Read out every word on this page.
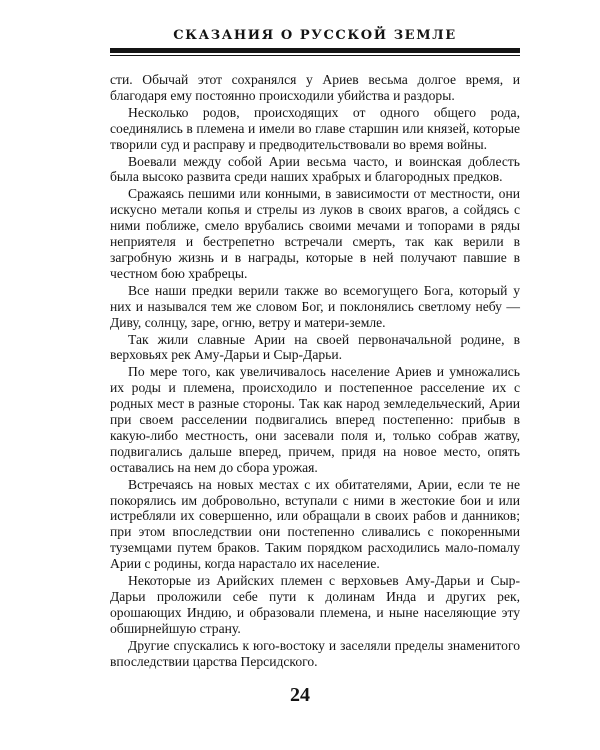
СКАЗАНИЯ О РУССКОЙ ЗЕМЛЕ

сти. Обычай этот сохранялся у Ариев весьма долгое время, и благодаря ему постоянно происходили убийства и раздоры.

Несколько родов, происходящих от одного общего рода, соединялись в племена и имели во главе старшин или князей, которые творили суд и расправу и предводительствовали во время войны.

Воевали между собой Арии весьма часто, и воинская доблесть была высоко развита среди наших храбрых и благородных предков.

Сражаясь пешими или конными, в зависимости от местности, они искусно метали копья и стрелы из луков в своих врагов, а сойдясь с ними поближе, смело врубались своими мечами и топорами в ряды неприятеля и бестрепетно встречали смерть, так как верили в загробную жизнь и в награды, которые в ней получают павшие в честном бою храбрецы.

Все наши предки верили также во всемогущего Бога, который у них и назывался тем же словом Бог, и поклонялись светлому небу — Диву, солнцу, заре, огню, ветру и матери-земле.

Так жили славные Арии на своей первоначальной родине, в верховьях рек Аму-Дарьи и Сыр-Дарьи.

По мере того, как увеличивалось население Ариев и умножались их роды и племена, происходило и постепенное расселение их с родных мест в разные стороны. Так как народ земледельческий, Арии при своем расселении подвигались вперед постепенно: прибыв в какую-либо местность, они засевали поля и, только собрав жатву, подвигались дальше вперед, причем, придя на новое место, опять оставались на нем до сбора урожая.

Встречаясь на новых местах с их обитателями, Арии, если те не покорялись им добровольно, вступали с ними в жестокие бои и или истребляли их совершенно, или обращали в своих рабов и данников; при этом впоследствии они постепенно сливались с покоренными туземцами путем браков. Таким порядком расходились мало-помалу Арии с родины, когда нарастало их население.

Некоторые из Арийских племен с верховьев Аму-Дарьи и Сыр-Дарьи проложили себе пути к долинам Инда и других рек, орошающих Индию, и образовали племена, и ныне населяющие эту обширнейшую страну.

Другие спускались к юго-востоку и заселяли пределы знаменитого впоследствии царства Персидского.

24
